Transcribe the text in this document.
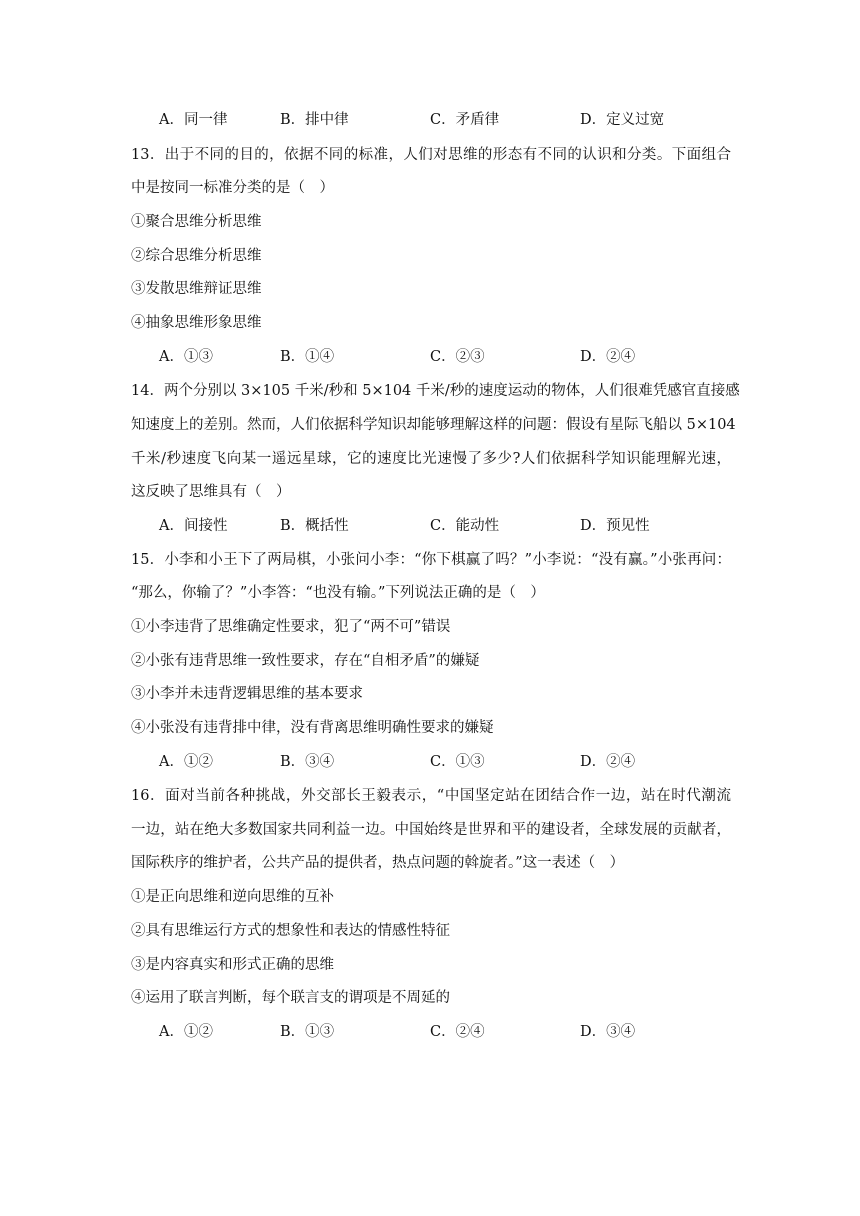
A．同一律	B．排中律	C．矛盾律	D．定义过宽
13．出于不同的目的，依据不同的标准，人们对思维的形态有不同的认识和分类。下面组合
中是按同一标准分类的是（　）
①聚合思维分析思维
②综合思维分析思维
③发散思维辩证思维
④抽象思维形象思维
A．①③	B．①④	C．②③	D．②④
14．两个分别以 3×105 千米/秒和 5×104 千米/秒的速度运动的物体，人们很难凭感官直接感
知速度上的差别。然而，人们依据科学知识却能够理解这样的问题：假设有星际飞船以 5×104
千米/秒速度飞向某一遥远星球，它的速度比光速慢了多少?人们依据科学知识能理解光速，
这反映了思维具有（　）
A．间接性	B．概括性	C．能动性	D．预见性
15．小李和小王下了两局棋，小张问小李：“你下棋赢了吗？”小李说：“没有赢。”小张再问：
“那么，你输了？”小李答：“也没有输。”下列说法正确的是（　）
①小李违背了思维确定性要求，犯了“两不可”错误
②小张有违背思维一致性要求，存在“自相矛盾”的嫌疑
③小李并未违背逻辑思维的基本要求
④小张没有违背排中律，没有背离思维明确性要求的嫌疑
A．①②	B．③④	C．①③	D．②④
16．面对当前各种挑战，外交部长王毅表示，“中国坚定站在团结合作一边，站在时代潮流
一边，站在绝大多数国家共同利益一边。中国始终是世界和平的建设者，全球发展的贡献者，
国际秩序的维护者，公共产品的提供者，热点问题的斡旋者。”这一表述（　）
①是正向思维和逆向思维的互补
②具有思维运行方式的想象性和表达的情感性特征
③是内容真实和形式正确的思维
④运用了联言判断，每个联言支的谓项是不周延的
A．①②	B．①③	C．②④	D．③④
